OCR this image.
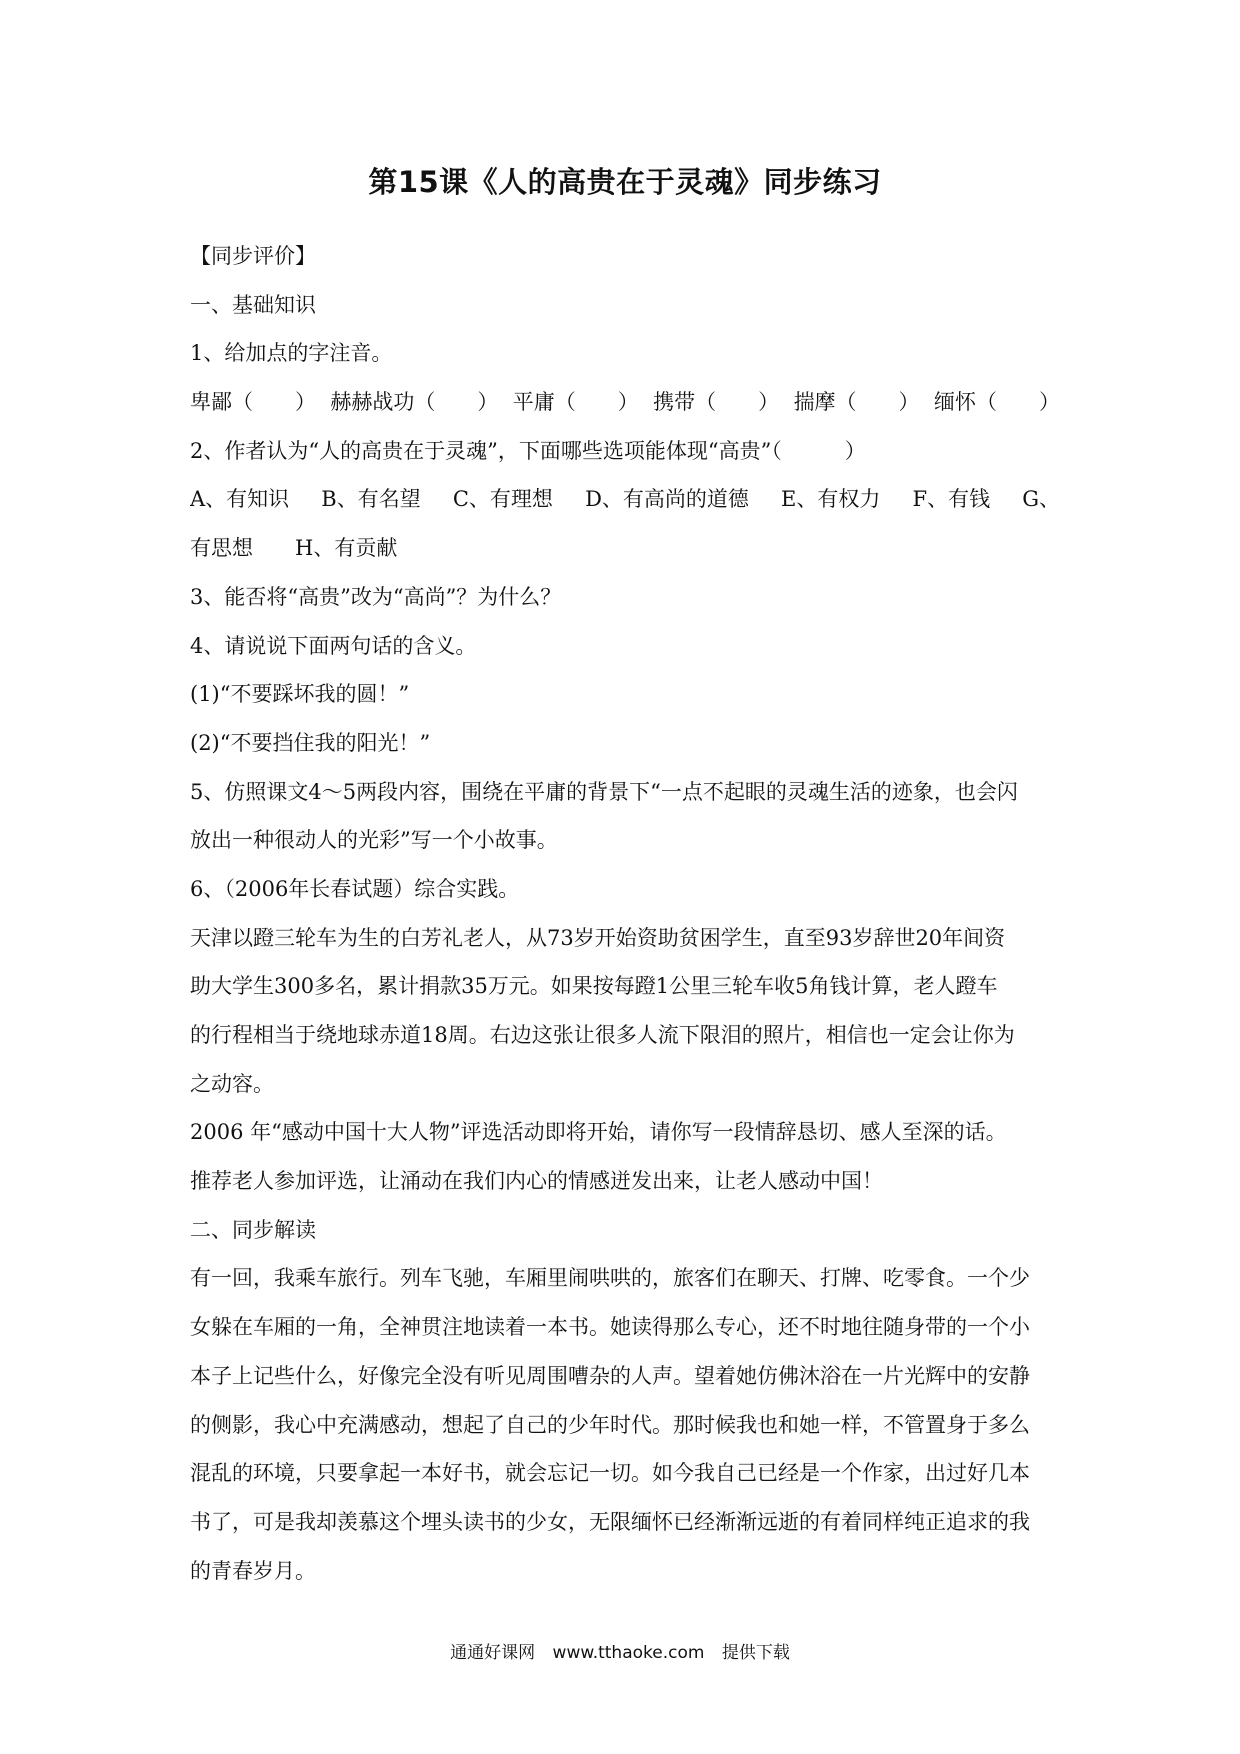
第15课《人的高贵在于灵魂》同步练习
【同步评价】
一、基础知识
1、给加点的字注音。
卑鄙（　　） 赫赫战功（　　） 平庸（　　） 携带（　　） 揣摩（　　） 缅怀（　　）
2、作者认为“人的高贵在于灵魂”，下面哪些选项能体现“高贵”（　　　）
A、有知识 B、有名望 C、有理想 D、有高尚的道德 E、有权力 F、有钱 G、
有思想　　H、有贡献
3、能否将“高贵”改为“高尚”？为什么？
4、请说说下面两句话的含义。
(1)“不要踩坏我的圆！”
(2)“不要挡住我的阳光！”
5、仿照课文4～5两段内容，围绕在平庸的背景下“一点不起眼的灵魂生活的迹象，也会闪
放出一种很动人的光彩”写一个小故事。
6、（2006年长春试题）综合实践。
天津以蹬三轮车为生的白芳礼老人，从73岁开始资助贫困学生，直至93岁辞世20年间资
助大学生300多名，累计捐款35万元。如果按每蹬1公里三轮车收5角钱计算，老人蹬车
的行程相当于绕地球赤道18周。右边这张让很多人流下限泪的照片，相信也一定会让你为
之动容。
2006 年“感动中国十大人物”评选活动即将开始，请你写一段情辞恳切、感人至深的话。
推荐老人参加评选，让涌动在我们内心的情感迸发出来，让老人感动中国！
二、同步解读
有一回，我乘车旅行。列车飞驰，车厢里闹哄哄的，旅客们在聊天、打牌、吃零食。一个少
女躲在车厢的一角，全神贯注地读着一本书。她读得那么专心，还不时地往随身带的一个小
本子上记些什么，好像完全没有听见周围嘈杂的人声。望着她仿佛沐浴在一片光辉中的安静
的侧影，我心中充满感动，想起了自己的少年时代。那时候我也和她一样，不管置身于多么
混乱的环境，只要拿起一本好书，就会忘记一切。如今我自己已经是一个作家，出过好几本
书了，可是我却羡慕这个埋头读书的少女，无限缅怀已经渐渐远逝的有着同样纯正追求的我
的青春岁月。
通通好课网 www.tthaoke.com 提供下载
